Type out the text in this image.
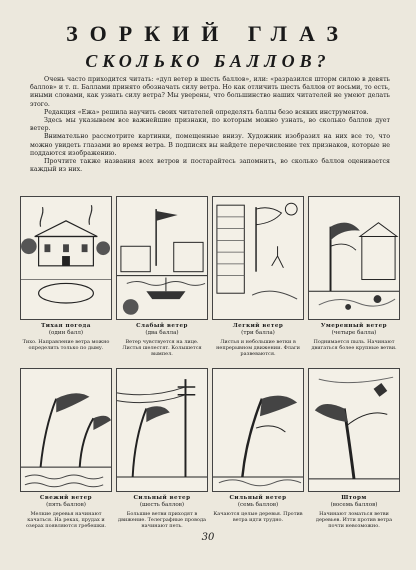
ЗОРКИЙ ГЛАЗ
СКОЛЬКО БАЛЛОВ?

Очень часто приходится читать: «дул ветер в шесть баллов», или: «разразился шторм силою в девять баллов» и т. п. Баллами принято обозначать силу ветра. Но как отличить шесть баллов от восьми, то есть, иными словами, как узнать силу ветра? Мы уверены, что большинство наших читателей не умеют делать этого.

Редакция «Ежа» решила научить своих читателей определять баллы безо всяких инструментов.

Здесь мы указываем все важнейшие признаки, по которым можно узнать, во сколько баллов дует ветер.

Внимательно рассмотрите картинки, помещенные внизу. Художник изобразил на них все то, что можно увидеть глазами во время ветра. В подписях вы найдете перечисление тех признаков, которые не поддаются изображению.

Прочтите также названия всех ветров и постарайтесь запомнить, во сколько баллов оценивается каждый из них.

Тихая погода
(один балл)
Тихо. Направление ветра можно определить только по дыму.
Слабый ветер
(два балла)
Ветер чувствуется на лице. Листья шелестят. Колышется вымпел.
Легкий ветер
(три балла)
Листья и небольшие ветки в непрерывном движении. Флаги развеваются.
Умеренный ветер
(четыре балла)
Поднимается пыль. Начинают двигаться более крупные ветви.
Свежий ветер
(пять баллов)
Мелкие деревья начинают качаться. На реках, прудах и озерах появляются гребешки.
Сильный ветер
(шесть баллов)
Большие ветви приходят в движение. Телеграфные провода начинают петь.
Сильный ветер
(семь баллов)
Качаются целые деревья. Против ветра идти трудно.
Шторм
(восемь баллов)
Начинают ломаться ветви деревьев. Итти против ветра почти невозможно.
30
